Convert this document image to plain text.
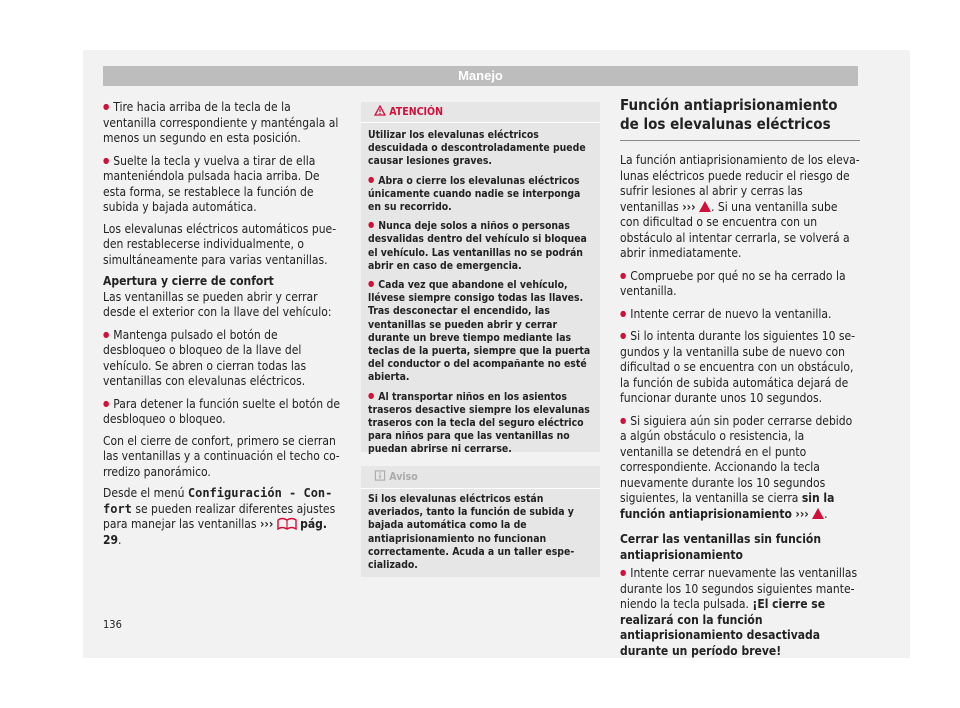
Manejo

● Tire hacia arriba de la tecla de la ventanilla correspondiente y manténgala al menos un segundo en esta posición.

● Suelte la tecla y vuelva a tirar de ella manteniéndola pulsada hacia arriba. De esta forma, se restablece la función de subida y bajada automática.

Los elevalunas eléctricos automáticos pueden restablecerse individualmente, o simultáneamente para varias ventanillas.

Apertura y cierre de confort

Las ventanillas se pueden abrir y cerrar desde el exterior con la llave del vehículo:

● Mantenga pulsado el botón de desbloqueo o bloqueo de la llave del vehículo. Se abren o cierran todas las ventanillas con elevalunas eléctricos.

● Para detener la función suelte el botón de desbloqueo o bloqueo.

Con el cierre de confort, primero se cierran las ventanillas y a continuación el techo corredizo panorámico.

Desde el menú Configuración - Confort se pueden realizar diferentes ajustes para manejar las ventanillas ››› pág. 29.

ATENCIÓN

Utilizar los elevalunas eléctricos descuidada o descontroladamente puede causar lesiones graves.

● Abra o cierre los elevalunas eléctricos únicamente cuando nadie se interponga en su recorrido.

● Nunca deje solos a niños o personas desvalidas dentro del vehículo si bloquea el vehículo. Las ventanillas no se podrán abrir en caso de emergencia.

● Cada vez que abandone el vehículo, llévese siempre consigo todas las llaves. Tras desconectar el encendido, las ventanillas se pueden abrir y cerrar durante un breve tiempo mediante las teclas de la puerta, siempre que la puerta del conductor o del acompañante no esté abierta.

● Al transportar niños en los asientos traseros desactive siempre los elevalunas traseros con la tecla del seguro eléctrico para niños para que las ventanillas no puedan abrirse ni cerrarse.

Aviso
Si los elevalunas eléctricos están averiados, tanto la función de subida y bajada automática como la de antiaprisionamiento no funcionan correctamente. Acuda a un taller especializado.
Función antiaprisionamiento de los elevalunas eléctricos

La función antiaprisionamiento de los elevalunas eléctricos puede reducir el riesgo de sufrir lesiones al abrir y cerras las ventanillas ››› . Si una ventanilla sube con dificultad o se encuentra con un obstáculo al intentar cerrarla, se volverá a abrir inmediatamente.

● Compruebe por qué no se ha cerrado la ventanilla.

● Intente cerrar de nuevo la ventanilla.

● Si lo intenta durante los siguientes 10 segundos y la ventanilla sube de nuevo con dificultad o se encuentra con un obstáculo, la función de subida automática dejará de funcionar durante unos 10 segundos.

● Si siguiera aún sin poder cerrarse debido a algún obstáculo o resistencia, la ventanilla se detendrá en el punto correspondiente. Accionando la tecla nuevamente durante los 10 segundos siguientes, la ventanilla se cierra sin la función antiaprisionamiento ››› .

Cerrar las ventanillas sin función antiaprisionamiento

● Intente cerrar nuevamente las ventanillas durante los 10 segundos siguientes manteniendo la tecla pulsada. ¡El cierre se realizará con la función antiaprisionamiento desactivada durante un período breve!

136
